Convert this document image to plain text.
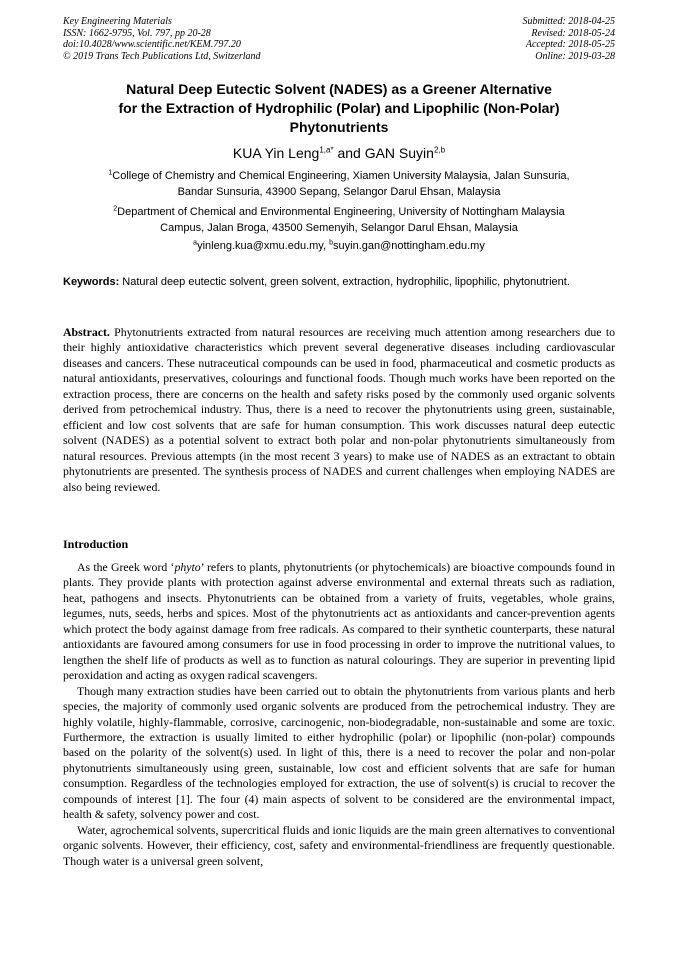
Key Engineering Materials
ISSN: 1662-9795, Vol. 797, pp 20-28
doi:10.4028/www.scientific.net/KEM.797.20
© 2019 Trans Tech Publications Ltd, Switzerland
Submitted: 2018-04-25
Revised: 2018-05-24
Accepted: 2018-05-25
Online: 2019-03-28
Natural Deep Eutectic Solvent (NADES) as a Greener Alternative
for the Extraction of Hydrophilic (Polar) and Lipophilic (Non-Polar)
Phytonutrients
KUA Yin Leng$^{1,a*}$ and GAN Suyin$^{2,b}$
$^1$College of Chemistry and Chemical Engineering, Xiamen University Malaysia, Jalan Sunsuria,
Bandar Sunsuria, 43900 Sepang, Selangor Darul Ehsan, Malaysia
$^2$Department of Chemical and Environmental Engineering, University of Nottingham Malaysia
Campus, Jalan Broga, 43500 Semenyih, Selangor Darul Ehsan, Malaysia
$^a$yinleng.kua@xmu.edu.my, $^b$suyin.gan@nottingham.edu.my
Keywords: Natural deep eutectic solvent, green solvent, extraction, hydrophilic, lipophilic, phytonutrient.
Abstract. Phytonutrients extracted from natural resources are receiving much attention among researchers due to their highly antioxidative characteristics which prevent several degenerative diseases including cardiovascular diseases and cancers. These nutraceutical compounds can be used in food, pharmaceutical and cosmetic products as natural antioxidants, preservatives, colourings and functional foods. Though much works have been reported on the extraction process, there are concerns on the health and safety risks posed by the commonly used organic solvents derived from petrochemical industry. Thus, there is a need to recover the phytonutrients using green, sustainable, efficient and low cost solvents that are safe for human consumption. This work discusses natural deep eutectic solvent (NADES) as a potential solvent to extract both polar and non-polar phytonutrients simultaneously from natural resources. Previous attempts (in the most recent 3 years) to make use of NADES as an extractant to obtain phytonutrients are presented. The synthesis process of NADES and current challenges when employing NADES are also being reviewed.
Introduction

As the Greek word ‘phyto’ refers to plants, phytonutrients (or phytochemicals) are bioactive compounds found in plants. They provide plants with protection against adverse environmental and external threats such as radiation, heat, pathogens and insects. Phytonutrients can be obtained from a variety of fruits, vegetables, whole grains, legumes, nuts, seeds, herbs and spices. Most of the phytonutrients act as antioxidants and cancer-prevention agents which protect the body against damage from free radicals. As compared to their synthetic counterparts, these natural antioxidants are favoured among consumers for use in food processing in order to improve the nutritional values, to lengthen the shelf life of products as well as to function as natural colourings. They are superior in preventing lipid peroxidation and acting as oxygen radical scavengers.

Though many extraction studies have been carried out to obtain the phytonutrients from various plants and herb species, the majority of commonly used organic solvents are produced from the petrochemical industry. They are highly volatile, highly-flammable, corrosive, carcinogenic, non-biodegradable, non-sustainable and some are toxic. Furthermore, the extraction is usually limited to either hydrophilic (polar) or lipophilic (non-polar) compounds based on the polarity of the solvent(s) used. In light of this, there is a need to recover the polar and non-polar phytonutrients simultaneously using green, sustainable, low cost and efficient solvents that are safe for human consumption. Regardless of the technologies employed for extraction, the use of solvent(s) is crucial to recover the compounds of interest [1]. The four (4) main aspects of solvent to be considered are the environmental impact, health & safety, solvency power and cost.

Water, agrochemical solvents, supercritical fluids and ionic liquids are the main green alternatives to conventional organic solvents. However, their efficiency, cost, safety and environmental-friendliness are frequently questionable. Though water is a universal green solvent,
